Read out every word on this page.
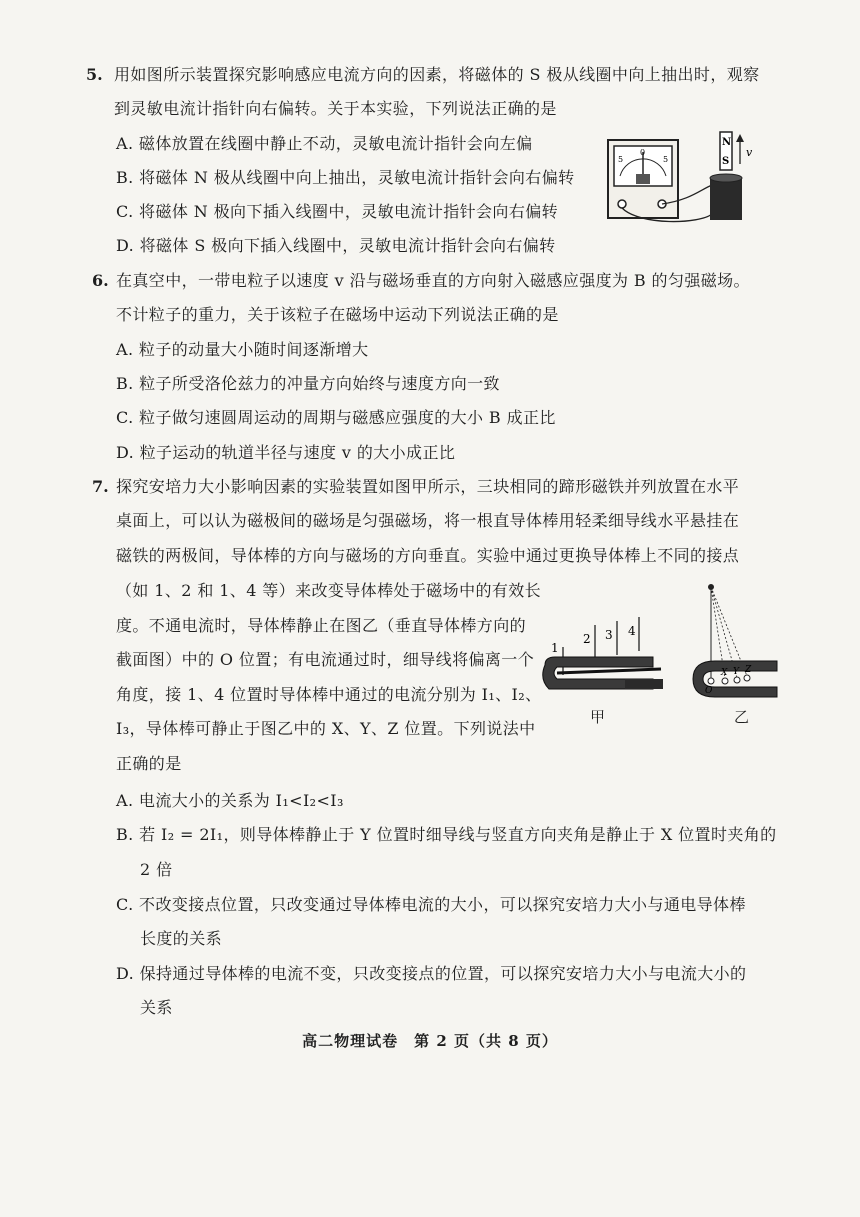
5. 用如图所示装置探究影响感应电流方向的因素，将磁体的 S 极从线圈中向上抽出时，观察
到灵敏电流计指针向右偏转。关于本实验，下列说法正确的是
A. 磁体放置在线圈中静止不动，灵敏电流计指针会向左偏
B. 将磁体 N 极从线圈中向上抽出，灵敏电流计指针会向右偏转
C. 将磁体 N 极向下插入线圈中，灵敏电流计指针会向右偏转
D. 将磁体 S 极向下插入线圈中，灵敏电流计指针会向右偏转
5
0
5
N
S
v
6. 在真空中，一带电粒子以速度 v 沿与磁场垂直的方向射入磁感应强度为 B 的匀强磁场。
不计粒子的重力，关于该粒子在磁场中运动下列说法正确的是
A. 粒子的动量大小随时间逐渐增大
B. 粒子所受洛伦兹力的冲量方向始终与速度方向一致
C. 粒子做匀速圆周运动的周期与磁感应强度的大小 B 成正比
D. 粒子运动的轨道半径与速度 v 的大小成正比
7. 探究安培力大小影响因素的实验装置如图甲所示，三块相同的蹄形磁铁并列放置在水平
桌面上，可以认为磁极间的磁场是匀强磁场，将一根直导体棒用轻柔细导线水平悬挂在
磁铁的两极间，导体棒的方向与磁场的方向垂直。实验中通过更换导体棒上不同的接点
（如 1、2 和 1、4 等）来改变导体棒处于磁场中的有效长
度。不通电流时，导体棒静止在图乙（垂直导体棒方向的
截面图）中的 O 位置；有电流通过时，细导线将偏离一个
角度，接 1、4 位置时导体棒中通过的电流分别为 I₁、I₂、
I₃，导体棒可静止于图乙中的 X、Y、Z 位置。下列说法中
正确的是
1
2 3 4
甲
O
X Y Z
乙
A. 电流大小的关系为 I₁<I₂<I₃
B. 若 I₂ = 2I₁，则导体棒静止于 Y 位置时细导线与竖直方向夹角是静止于 X 位置时夹角的
2 倍
C. 不改变接点位置，只改变通过导体棒电流的大小，可以探究安培力大小与通电导体棒
长度的关系
D. 保持通过导体棒的电流不变，只改变接点的位置，可以探究安培力大小与电流大小的
关系
高二物理试卷　第 2 页（共 8 页）
